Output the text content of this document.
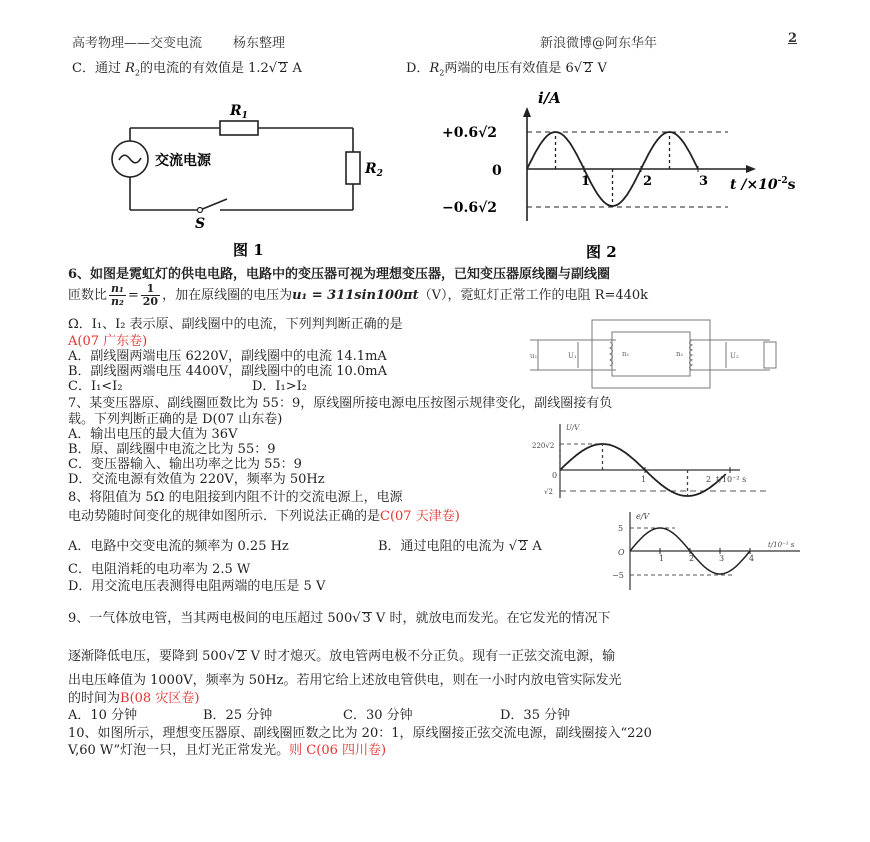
高考物理——交变电流 杨东整理	新浪微博@阿东华年	2
C．通过 $R_2$的电流的有效值是 1.2√ 2 A	D．$R_2$两端的电压有效值是 6√ 2 V
$R_1$
$R_2$
交流电源
S
图 1
i/A
+0.6√2
0
−0.6√2
1	2	3 t $/\times 10^{-2}s$
图 2
6、如图是霓虹灯的供电电路，电路中的变压器可视为理想变压器，已知变压器原线圈与副线圈
匝数比 $\frac{\text{n₁}}{\text{n₂}} = \frac{1}{20}$ ，加在原线圈的电压为u₁ = 311sin100πt（V），霓虹灯正常工作的电阻 R=440k
Ω．I₁、I₂ 表示原、副线圈中的电流，下列判判断正确的是
A(07 广东卷)
A．副线圈两端电压 6220V，副线圈中的电流 14.1mA
B．副线圈两端电压 4400V，副线圈中的电流 10.0mA
C．I₁<I₂	D．I₁>I₂
u₁	U₁	n₁	n₂	U₂
7、某变压器原、副线圈匝数比为 55：9，原线圈所接电源电压按图示规律变化，副线圈接有负
载。下列判断正确的是 D(07 山东卷)
A．输出电压的最大值为 36V
B．原、副线圈中电流之比为 55：9
C．变压器输入、输出功率之比为 55：9
D．交流电源有效值为 220V，频率为 50Hz
U/V
220√2
0
√2
1	2 t/10⁻² s
8、将阻值为 5Ω 的电阻接到内阻不计的交流电源上，电源
电动势随时间变化的规律如图所示．下列说法正确的是C(07 天津卷)
A．电路中交变电流的频率为 0.25 Hz	B．通过电阻的电流为 √ 2 A
C．电阻消耗的电功率为 2.5 W
D．用交流电压表测得电阻两端的电压是 5 V
e/V
5
O
−5
1	2	3	4
t/10⁻¹ s
9、一气体放电管，当其两电极间的电压超过 500√ 3 V 时，就放电而发光。在它发光的情况下
逐渐降低电压，要降到 500√ 2 V 时才熄灭。放电管两电极不分正负。现有一正弦交流电源，输
出电压峰值为 1000V，频率为 50Hz。若用它给上述放电管供电，则在一小时内放电管实际发光
的时间为B(08 灾区卷)
A．10 分钟	B．25 分钟	C．30 分钟	D．35 分钟
10、如图所示，理想变压器原、副线圈匝数之比为 20：1，原线圈接正弦交流电源，副线圈接入“220
V,60 W”灯泡一只，且灯光正常发光。则 C(06 四川卷)
